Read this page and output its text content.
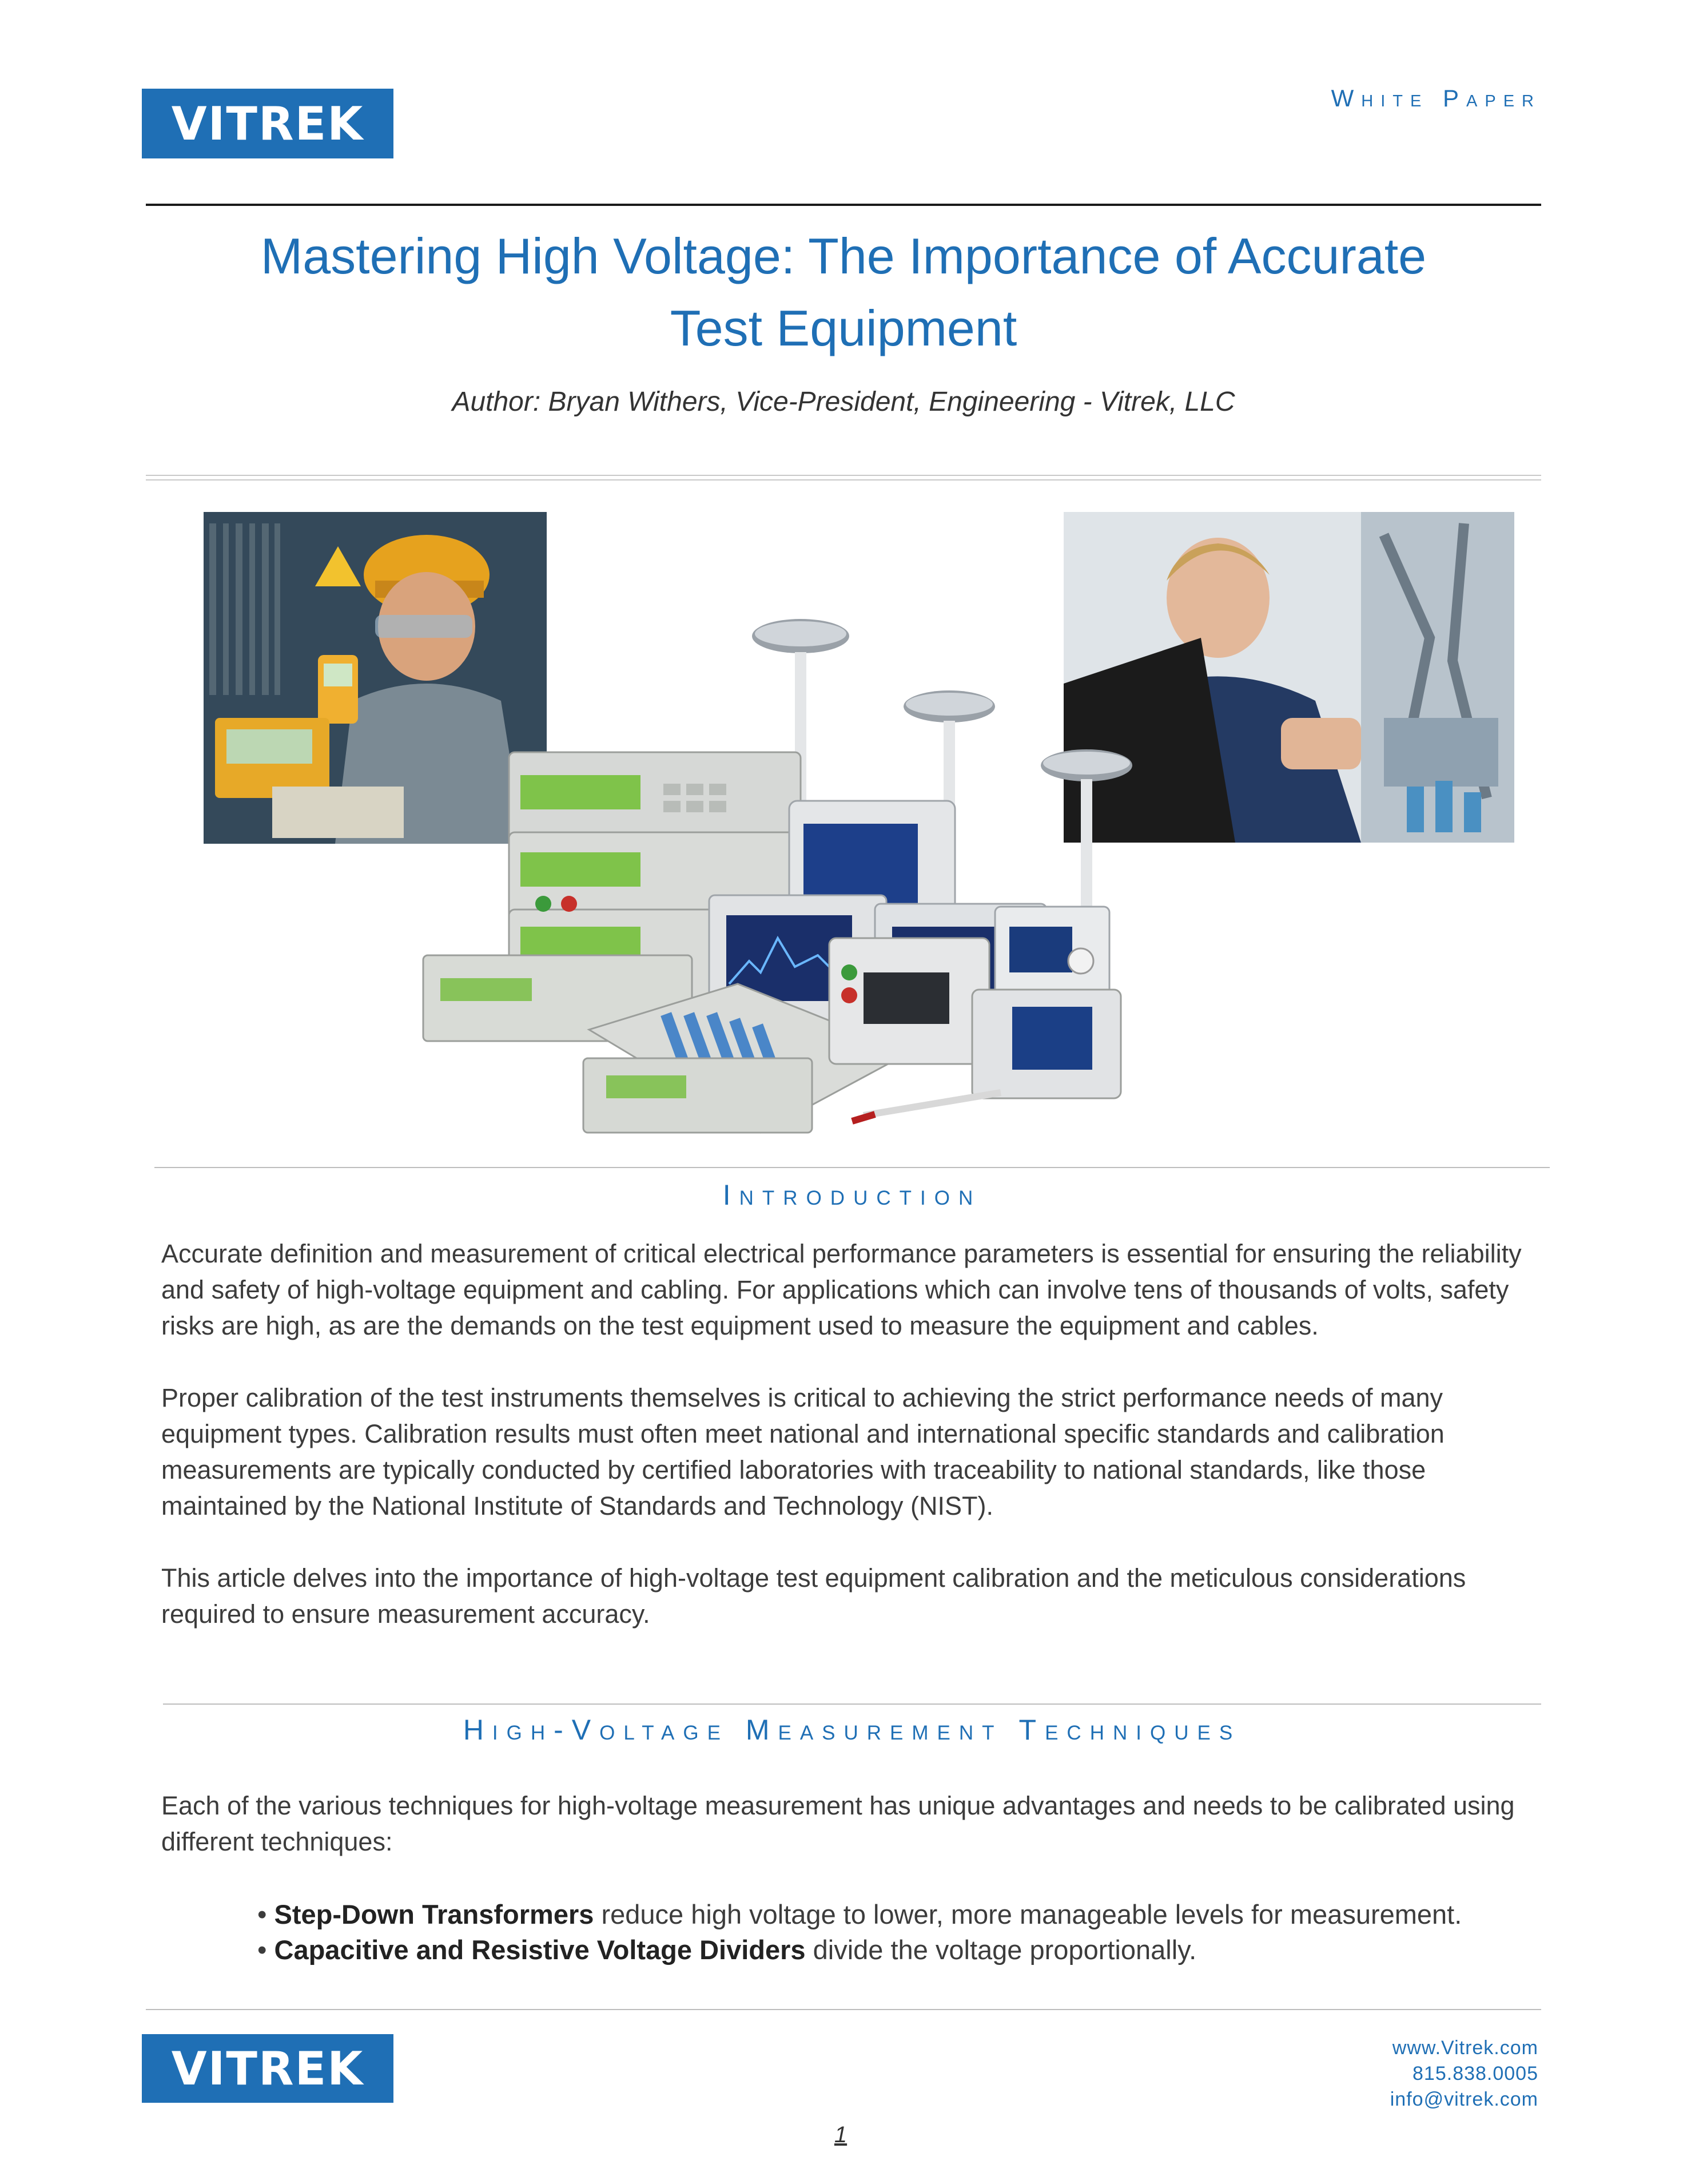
VITREK	White Paper
Mastering High Voltage: The Importance of Accurate
Test Equipment
Author: Bryan Withers, Vice-President, Engineering - Vitrek, LLC
Introduction

Accurate definition and measurement of critical electrical performance parameters is essential for ensuring the reliability and safety of high-voltage equipment and cabling. For applications which can involve tens of thousands of volts, safety risks are high, as are the demands on the test equipment used to measure the equipment and cables.

Proper calibration of the test instruments themselves is critical to achieving the strict performance needs of many equipment types. Calibration results must often meet national and international specific standards and calibration measurements are typically conducted by certified laboratories with traceability to national standards, like those maintained by the National Institute of Standards and Technology (NIST).

This article delves into the importance of high-voltage test equipment calibration and the meticulous considerations required to ensure measurement accuracy.

High-Voltage Measurement Techniques
Each of the various techniques for high-voltage measurement has unique advantages and needs to be calibrated using different techniques:
• Step-Down Transformers reduce high voltage to lower, more manageable levels for measurement.
• Capacitive and Resistive Voltage Dividers divide the voltage proportionally.
VITREK
1
www.Vitrek.com
815.838.0005
info@vitrek.com
